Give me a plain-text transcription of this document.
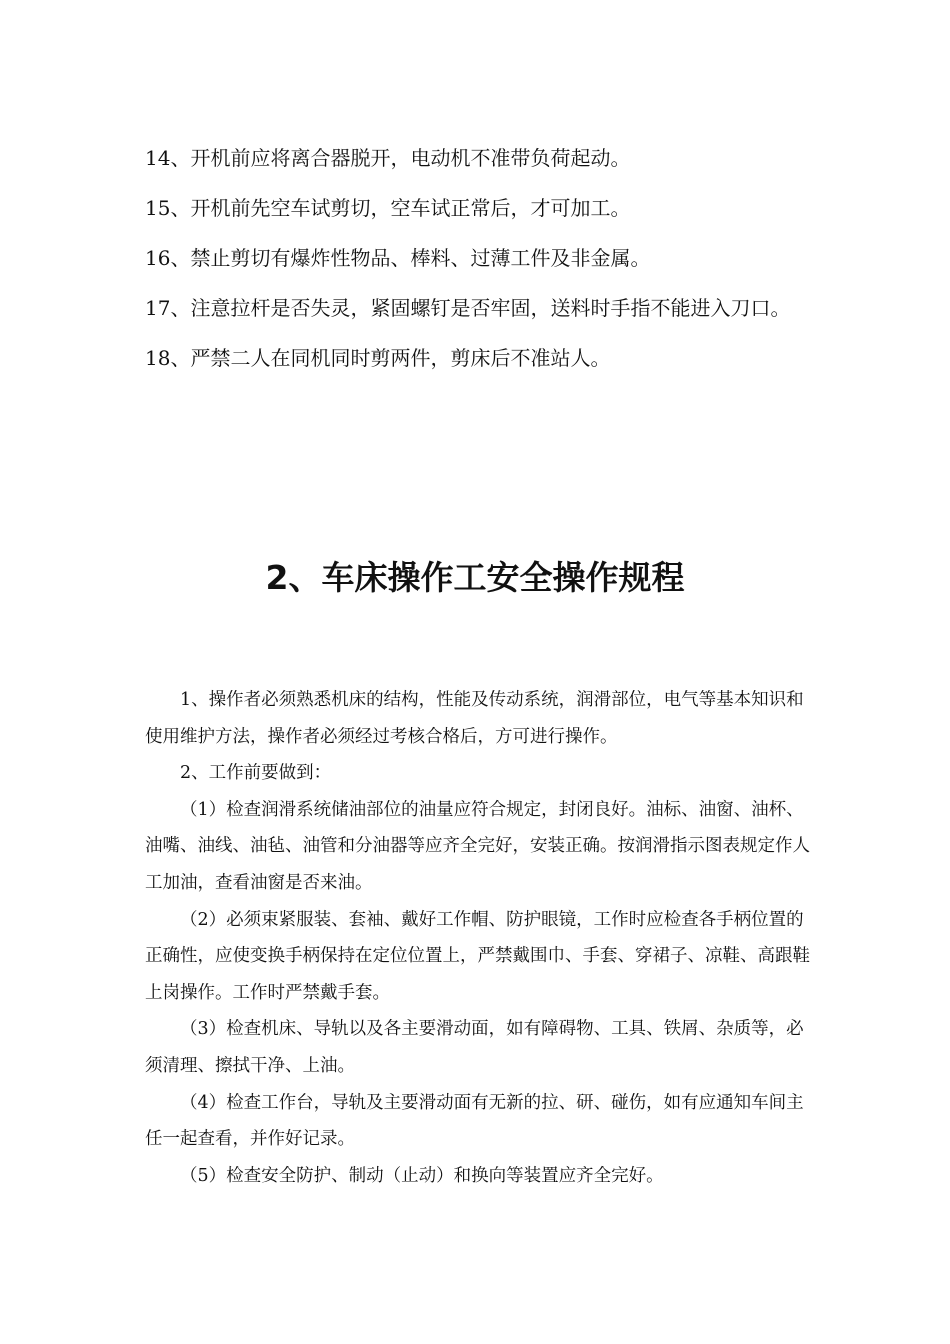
14、开机前应将离合器脱开，电动机不准带负荷起动。

15、开机前先空车试剪切，空车试正常后，才可加工。

16、禁止剪切有爆炸性物品、棒料、过薄工件及非金属。

17、注意拉杆是否失灵，紧固螺钉是否牢固，送料时手指不能进入刀口。

18、严禁二人在同机同时剪两件，剪床后不准站人。

2、车床操作工安全操作规程

1、操作者必须熟悉机床的结构，性能及传动系统，润滑部位，电气等基本知识和使用维护方法，操作者必须经过考核合格后，方可进行操作。

2、工作前要做到：

（1）检查润滑系统储油部位的油量应符合规定，封闭良好。油标、油窗、油杯、油嘴、油线、油毡、油管和分油器等应齐全完好，安装正确。按润滑指示图表规定作人工加油，查看油窗是否来油。

（2）必须束紧服装、套袖、戴好工作帽、防护眼镜，工作时应检查各手柄位置的正确性，应使变换手柄保持在定位位置上，严禁戴围巾、手套、穿裙子、凉鞋、高跟鞋上岗操作。工作时严禁戴手套。

（3）检查机床、导轨以及各主要滑动面，如有障碍物、工具、铁屑、杂质等，必须清理、擦拭干净、上油。

（4）检查工作台，导轨及主要滑动面有无新的拉、研、碰伤，如有应通知车间主任一起查看，并作好记录。

（5）检查安全防护、制动（止动）和换向等装置应齐全完好。
